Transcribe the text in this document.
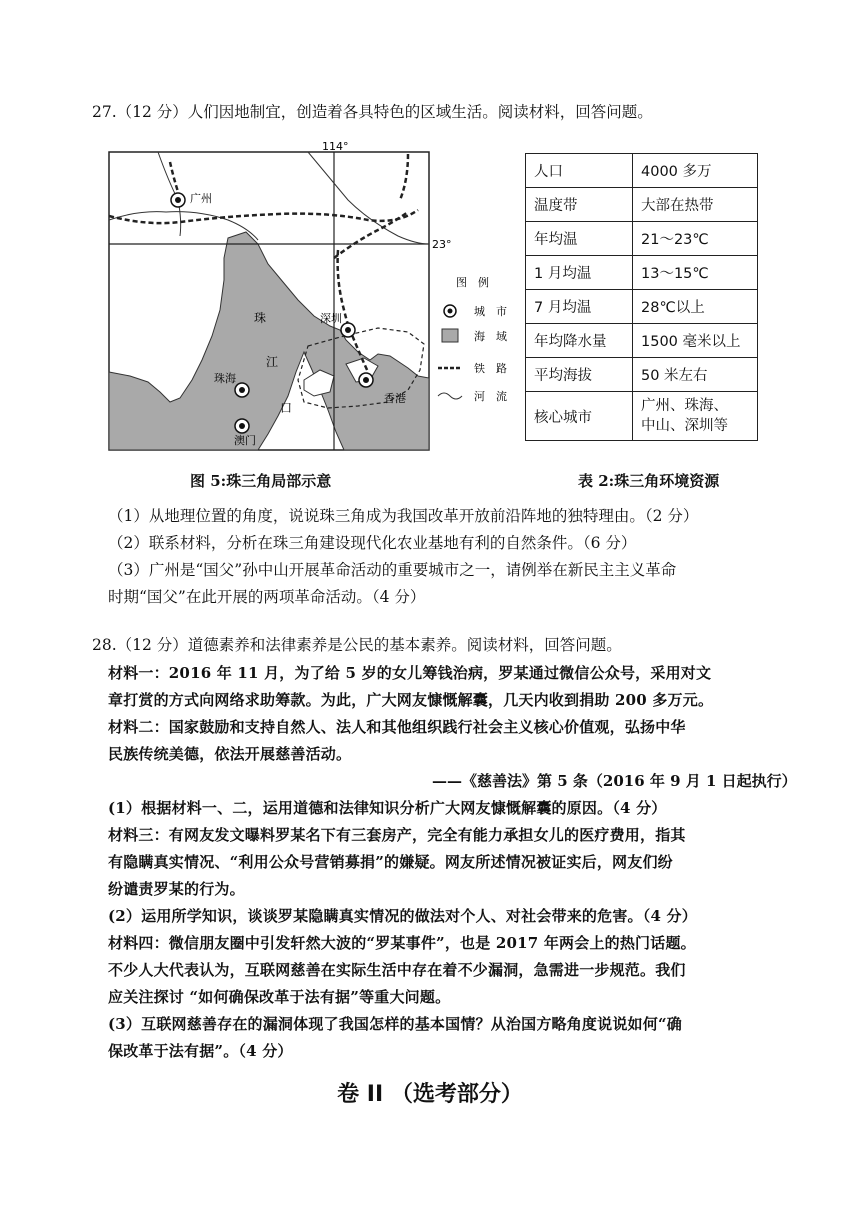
27.（12 分）人们因地制宜，创造着各具特色的区域生活。阅读材料，回答问题。
114°
23°
广州
深圳
香港
珠海
澳门
珠
江
口
图　例
城　市
海　域
铁　路
河　流
人口	4000 多万
温度带	大部在热带
年均温	21～23℃
1 月均温	13～15℃
7 月均温	28℃以上
年均降水量	1500 毫米以上
平均海拔	50 米左右
核心城市	广州、珠海、
中山、深圳等
图 5:珠三角局部示意	表 2:珠三角环境资源
（1）从地理位置的角度，说说珠三角成为我国改革开放前沿阵地的独特理由。（2 分）
（2）联系材料，分析在珠三角建设现代化农业基地有利的自然条件。（6 分）
（3）广州是“国父”孙中山开展革命活动的重要城市之一，请例举在新民主主义革命
时期“国父”在此开展的两项革命活动。（4 分）
28.（12 分）道德素养和法律素养是公民的基本素养。阅读材料，回答问题。
材料一：2016 年 11 月，为了给 5 岁的女儿筹钱治病，罗某通过微信公众号，采用对文
章打赏的方式向网络求助筹款。为此，广大网友慷慨解囊，几天内收到捐助 200 多万元。
材料二：国家鼓励和支持自然人、法人和其他组织践行社会主义核心价值观，弘扬中华
民族传统美德，依法开展慈善活动。
——《慈善法》第 5 条（2016 年 9 月 1 日起执行）
(1）根据材料一、二，运用道德和法律知识分析广大网友慷慨解囊的原因。（4 分）
材料三：有网友发文曝料罗某名下有三套房产，完全有能力承担女儿的医疗费用，指其
有隐瞒真实情况、“利用公众号营销募捐”的嫌疑。网友所述情况被证实后，网友们纷
纷谴责罗某的行为。
(2）运用所学知识，谈谈罗某隐瞒真实情况的做法对个人、对社会带来的危害。（4 分）
材料四：微信朋友圈中引发轩然大波的“罗某事件”，也是 2017 年两会上的热门话题。
不少人大代表认为，互联网慈善在实际生活中存在着不少漏洞，急需进一步规范。我们
应关注探讨 “如何确保改革于法有据”等重大问题。
(3）互联网慈善存在的漏洞体现了我国怎样的基本国情？从治国方略角度说说如何“确
保改革于法有据”。（4 分）
卷 II （选考部分）
